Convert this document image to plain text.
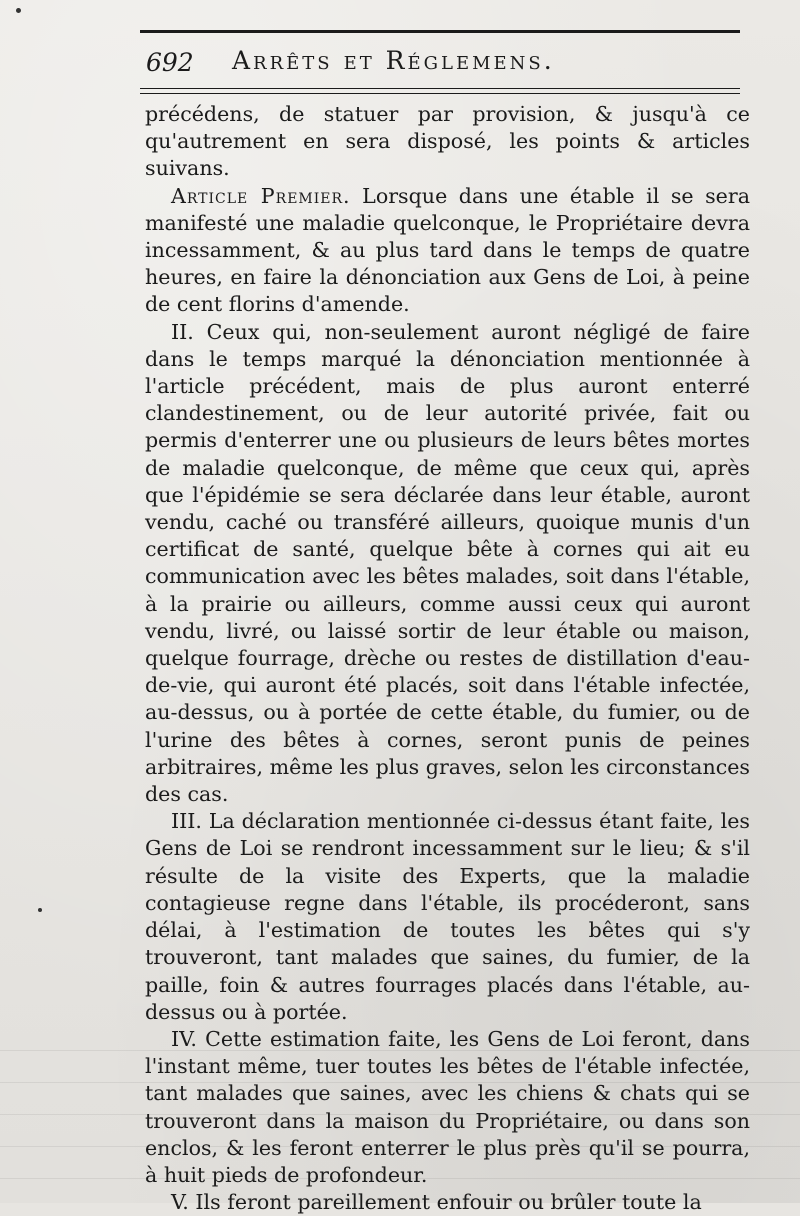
692 Arrêts et Réglemens.

précédens, de statuer par provision, & jusqu'à ce qu'autrement en sera disposé, les points & articles suivans.

Article Premier. Lorsque dans une étable il se sera manifesté une maladie quelconque, le Propriétaire devra incessamment, & au plus tard dans le temps de quatre heures, en faire la dénonciation aux Gens de Loi, à peine de cent florins d'amende.

II. Ceux qui, non-seulement auront négligé de faire dans le temps marqué la dénonciation mentionnée à l'article précédent, mais de plus auront enterré clandestinement, ou de leur autorité privée, fait ou permis d'enterrer une ou plusieurs de leurs bêtes mortes de maladie quelconque, de même que ceux qui, après que l'épidémie se sera déclarée dans leur étable, auront vendu, caché ou transféré ailleurs, quoique munis d'un certificat de santé, quelque bête à cornes qui ait eu communication avec les bêtes malades, soit dans l'étable, à la prairie ou ailleurs, comme aussi ceux qui auront vendu, livré, ou laissé sortir de leur étable ou maison, quelque fourrage, drèche ou restes de distillation d'eau-de-vie, qui auront été placés, soit dans l'étable infectée, au-dessus, ou à portée de cette étable, du fumier, ou de l'urine des bêtes à cornes, seront punis de peines arbitraires, même les plus graves, selon les circonstances des cas.

III. La déclaration mentionnée ci-dessus étant faite, les Gens de Loi se rendront incessamment sur le lieu; & s'il résulte de la visite des Experts, que la maladie contagieuse regne dans l'étable, ils procéderont, sans délai, à l'estimation de toutes les bêtes qui s'y trouveront, tant malades que saines, du fumier, de la paille, foin & autres fourrages placés dans l'étable, au-dessus ou à portée.

IV. Cette estimation faite, les Gens de Loi feront, dans l'instant même, tuer toutes les bêtes de l'étable infectée, tant malades que saines, avec les chiens & chats qui se trouveront dans la maison du Propriétaire, ou dans son enclos, & les feront enterrer le plus près qu'il se pourra, à huit pieds de profondeur.

V. Ils feront pareillement enfouir ou brûler toute la
